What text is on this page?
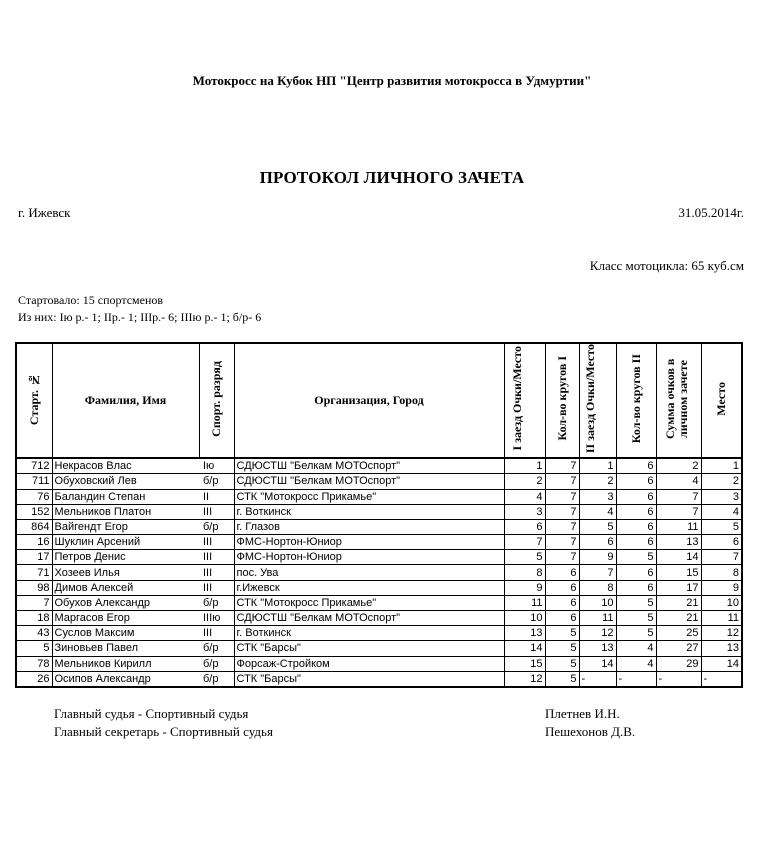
Мотокросс на Кубок НП "Центр развития мотокросса в Удмуртии"
ПРОТОКОЛ ЛИЧНОГО ЗАЧЕТА
г. Ижевск	31.05.2014г.
Класс мотоцикла: 65 куб.см
Стартовало: 15 спортсменов
Из них: Iю р.- 1; IIр.- 1; IIIр.- 6; IIIю р.- 1; б/р- 6
Старт. №	Фамилия, Имя	Спорт. разряд	Организация, Город	I заезд Очки/Место	Кол-во кругов I	II заезд Очки/Место	Кол-во кругов II	Сумма очков в личном зачете	Место
712	Некрасов Влас	Iю	СДЮСТШ "Белкам МОТОспорт"	1	7	1	6	2	1
711	Обуховский Лев	б/р	СДЮСТШ "Белкам МОТОспорт"	2	7	2	6	4	2
76	Баландин Степан	II	СТК "Мотокросс Прикамье"	4	7	3	6	7	3
152	Мельников Платон	III	г. Воткинск	3	7	4	6	7	4
864	Вайгендт Егор	б/р	г. Глазов	6	7	5	6	11	5
16	Шуклин Арсений	III	ФМС-Нортон-Юниор	7	7	6	6	13	6
17	Петров Денис	III	ФМС-Нортон-Юниор	5	7	9	5	14	7
71	Хозеев Илья	III	пос. Ува	8	6	7	6	15	8
98	Димов Алексей	III	г.Ижевск	9	6	8	6	17	9
7	Обухов Александр	б/р	СТК "Мотокросс Прикамье"	11	6	10	5	21	10
18	Маргасов Егор	IIIю	СДЮСТШ "Белкам МОТОспорт"	10	6	11	5	21	11
43	Суслов Максим	III	г. Воткинск	13	5	12	5	25	12
5	Зиновьев Павел	б/р	СТК "Барсы"	14	5	13	4	27	13
78	Мельников Кирилл	б/р	Форсаж-Стройком	15	5	14	4	29	14
26	Осипов Александр	б/р	СТК "Барсы"	12	5	-	-	-	-
Главный судья - Спортивный судья
Главный секретарь - Спортивный судья
Плетнев И.Н.
Пешехонов Д.В.
